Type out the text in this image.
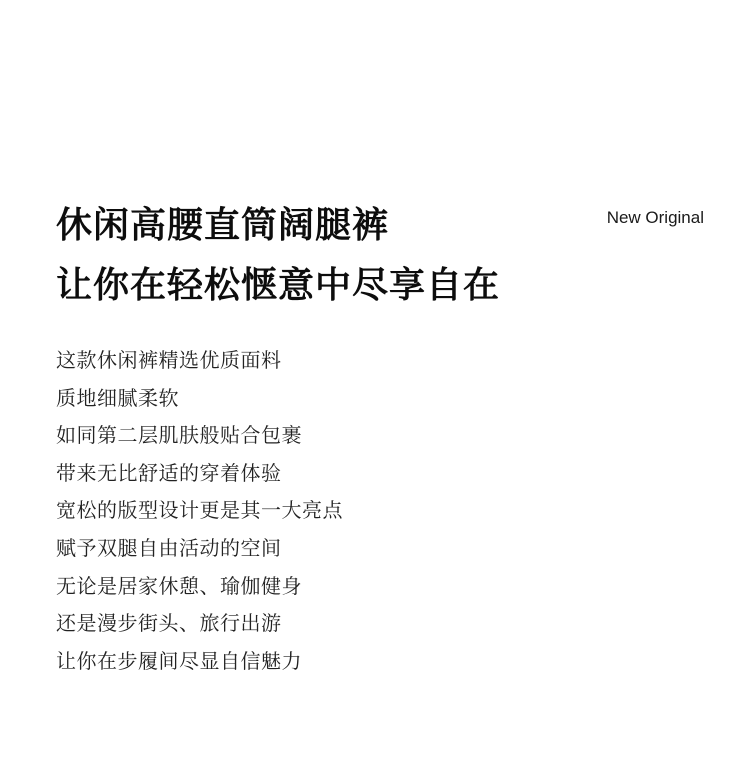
休闲高腰直筒阔腿裤
让你在轻松惬意中尽享自在
New Original
这款休闲裤精选优质面料
质地细腻柔软
如同第二层肌肤般贴合包裹
带来无比舒适的穿着体验
宽松的版型设计更是其一大亮点
赋予双腿自由活动的空间
无论是居家休憩、瑜伽健身
还是漫步街头、旅行出游
让你在步履间尽显自信魅力
